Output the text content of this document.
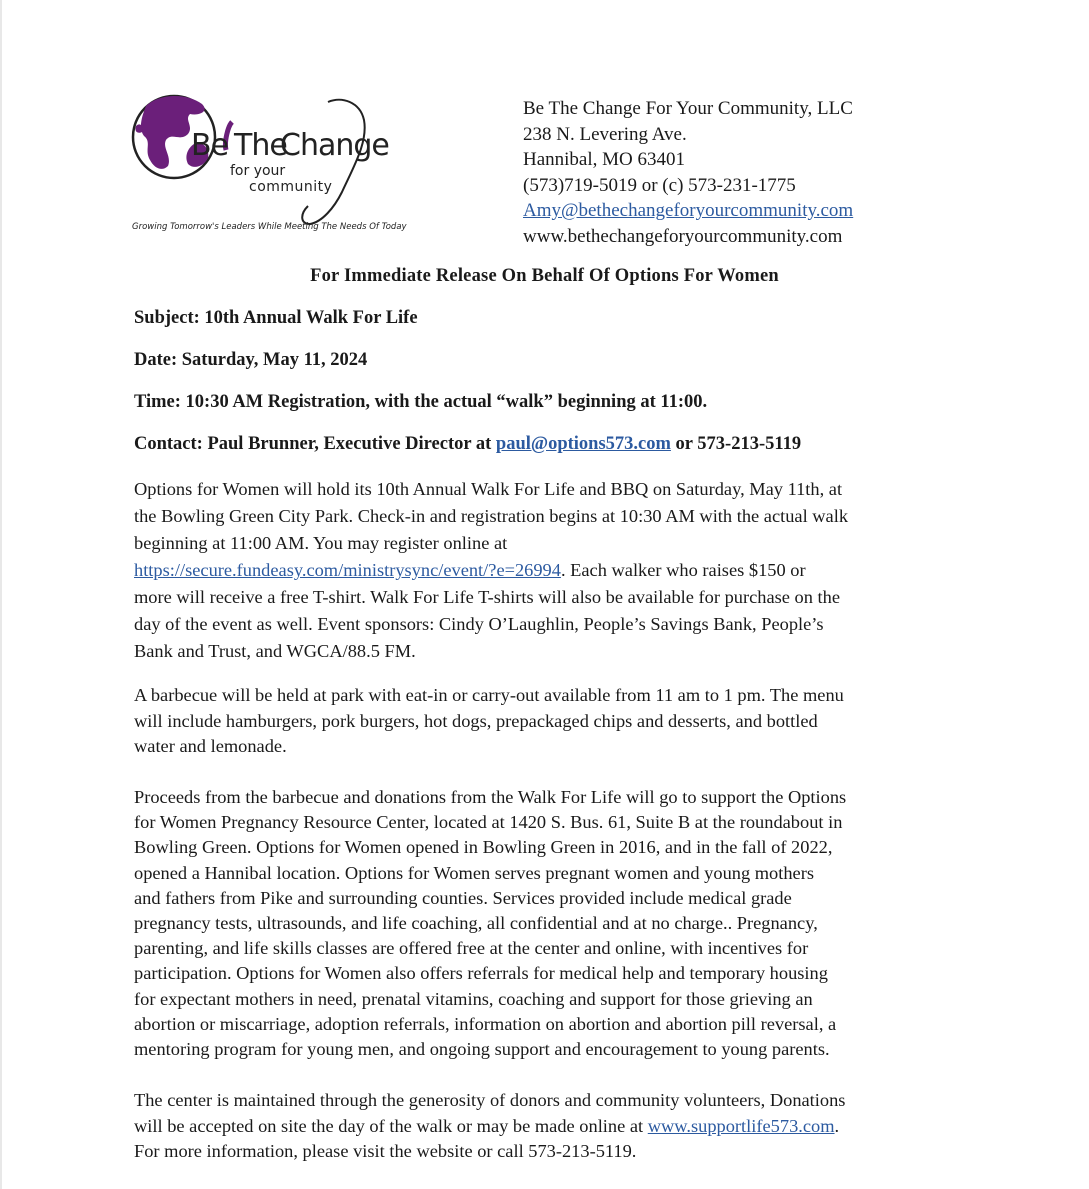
Be The
Change
for your
community
Growing Tomorrow's Leaders While Meeting The Needs Of Today
Be The Change For Your Community, LLC
238 N. Levering Ave.
Hannibal, MO 63401
(573)719-5019 or (c) 573-231-1775
Amy@bethechangeforyourcommunity.com
www.bethechangeforyourcommunity.com
For Immediate Release On Behalf Of Options For Women
Subject: 10th Annual Walk For Life
Date: Saturday, May 11, 2024
Time: 10:30 AM Registration, with the actual “walk” beginning at 11:00.
Contact: Paul Brunner, Executive Director at paul@options573.com or 573-213-5119
Options for Women will hold its 10th Annual Walk For Life and BBQ on Saturday, May 11th, at
the Bowling Green City Park. Check-in and registration begins at 10:30 AM with the actual walk
beginning at 11:00 AM. You may register online at
https://secure.fundeasy.com/ministrysync/event/?e=26994. Each walker who raises $150 or
more will receive a free T-shirt. Walk For Life T-shirts will also be available for purchase on the
day of the event as well. Event sponsors: Cindy O’Laughlin, People’s Savings Bank, People’s
Bank and Trust, and WGCA/88.5 FM.
A barbecue will be held at park with eat-in or carry-out available from 11 am to 1 pm. The menu
will include hamburgers, pork burgers, hot dogs, prepackaged chips and desserts, and bottled
water and lemonade.
Proceeds from the barbecue and donations from the Walk For Life will go to support the Options
for Women Pregnancy Resource Center, located at 1420 S. Bus. 61, Suite B at the roundabout in
Bowling Green. Options for Women opened in Bowling Green in 2016, and in the fall of 2022,
opened a Hannibal location. Options for Women serves pregnant women and young mothers
and fathers from Pike and surrounding counties. Services provided include medical grade
pregnancy tests, ultrasounds, and life coaching, all confidential and at no charge.. Pregnancy,
parenting, and life skills classes are offered free at the center and online, with incentives for
participation. Options for Women also offers referrals for medical help and temporary housing
for expectant mothers in need, prenatal vitamins, coaching and support for those grieving an
abortion or miscarriage, adoption referrals, information on abortion and abortion pill reversal, a
mentoring program for young men, and ongoing support and encouragement to young parents.
The center is maintained through the generosity of donors and community volunteers, Donations
will be accepted on site the day of the walk or may be made online at www.supportlife573.com.
For more information, please visit the website or call 573-213-5119.
